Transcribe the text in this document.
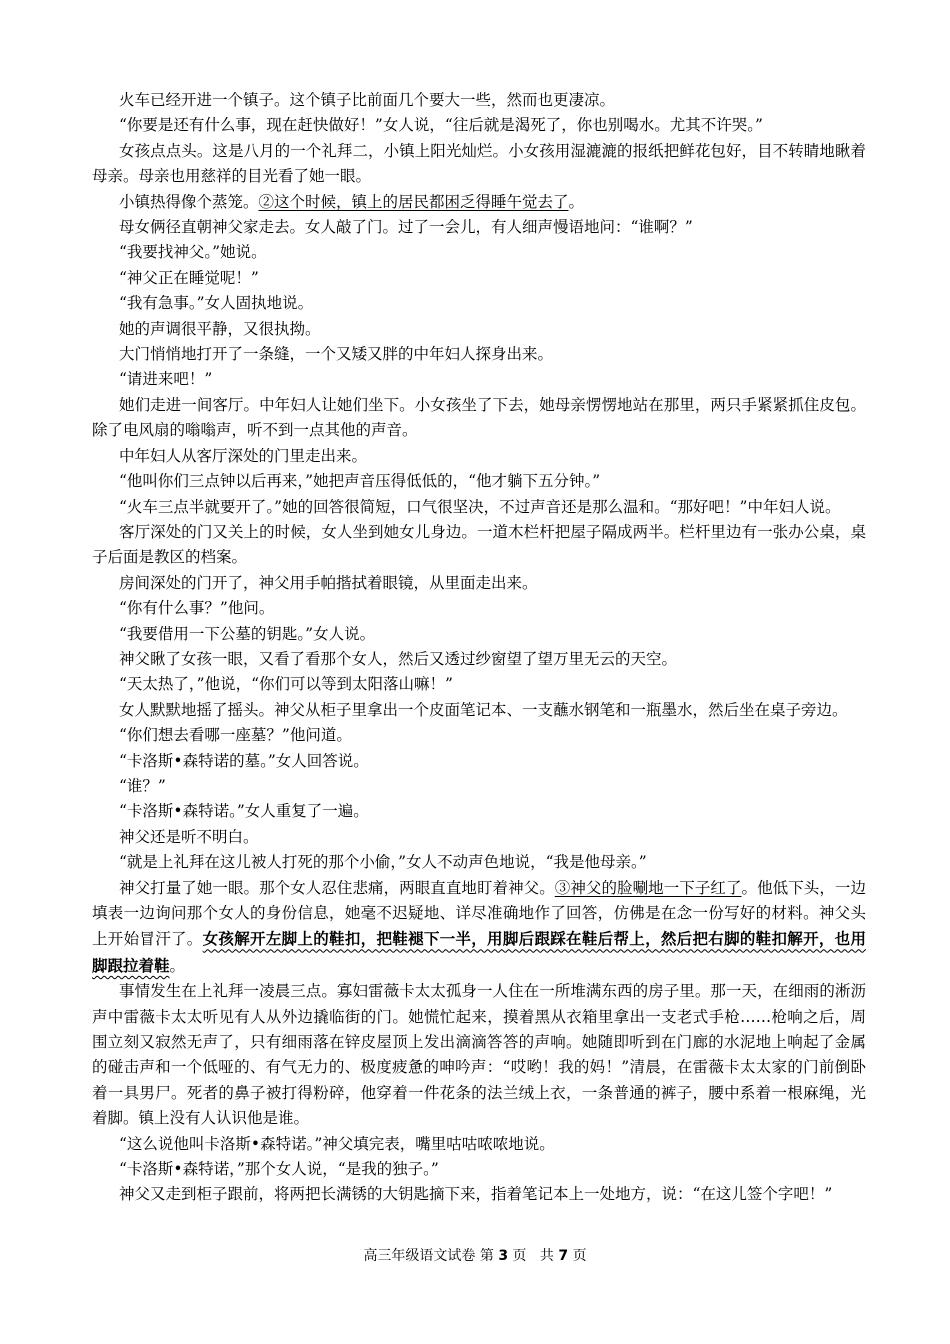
火车已经开进一个镇子。这个镇子比前面几个要大一些，然而也更凄凉。

“你要是还有什么事，现在赶快做好！”女人说，“往后就是渴死了，你也别喝水。尤其不许哭。”

女孩点点头。这是八月的一个礼拜二，小镇上阳光灿烂。小女孩用湿漉漉的报纸把鲜花包好，目不转睛地瞅着母亲。母亲也用慈祥的目光看了她一眼。

小镇热得像个蒸笼。②这个时候，镇上的居民都困乏得睡午觉去了。

母女俩径直朝神父家走去。女人敲了门。过了一会儿，有人细声慢语地问：“谁啊？”

“我要找神父。”她说。

“神父正在睡觉呢！”

“我有急事。”女人固执地说。

她的声调很平静，又很执拗。

大门悄悄地打开了一条缝，一个又矮又胖的中年妇人探身出来。

“请进来吧！”

她们走进一间客厅。中年妇人让她们坐下。小女孩坐了下去，她母亲愣愣地站在那里，两只手紧紧抓住皮包。除了电风扇的嗡嗡声，听不到一点其他的声音。

中年妇人从客厅深处的门里走出来。

“他叫你们三点钟以后再来，”她把声音压得低低的，“他才躺下五分钟。”

“火车三点半就要开了。”她的回答很简短，口气很坚决，不过声音还是那么温和。“那好吧！”中年妇人说。

客厅深处的门又关上的时候，女人坐到她女儿身边。一道木栏杆把屋子隔成两半。栏杆里边有一张办公桌，桌子后面是教区的档案。

房间深处的门开了，神父用手帕揩拭着眼镜，从里面走出来。

“你有什么事？”他问。

“我要借用一下公墓的钥匙。”女人说。

神父瞅了女孩一眼，又看了看那个女人，然后又透过纱窗望了望万里无云的天空。

“天太热了，”他说，“你们可以等到太阳落山嘛！”

女人默默地摇了摇头。神父从柜子里拿出一个皮面笔记本、一支蘸水钢笔和一瓶墨水，然后坐在桌子旁边。

“你们想去看哪一座墓？”他问道。

“卡洛斯•森特诺的墓。”女人回答说。

“谁？”

“卡洛斯•森特诺。”女人重复了一遍。

神父还是听不明白。

“就是上礼拜在这儿被人打死的那个小偷，”女人不动声色地说，“我是他母亲。”

神父打量了她一眼。那个女人忍住悲痛，两眼直直地盯着神父。③神父的脸唰地一下子红了。他低下头，一边填表一边询问那个女人的身份信息，她毫不迟疑地、详尽准确地作了回答，仿佛是在念一份写好的材料。神父头上开始冒汗了。女孩解开左脚上的鞋扣，把鞋褪下一半，用脚后跟踩在鞋后帮上，然后把右脚的鞋扣解开，也用脚跟拉着鞋。

事情发生在上礼拜一凌晨三点。寡妇雷薇卡太太孤身一人住在一所堆满东西的房子里。那一天，在细雨的淅沥声中雷薇卡太太听见有人从外边撬临街的门。她慌忙起来，摸着黑从衣箱里拿出一支老式手枪……枪响之后，周围立刻又寂然无声了，只有细雨落在锌皮屋顶上发出滴滴答答的声响。她随即听到在门廊的水泥地上响起了金属的碰击声和一个低哑的、有气无力的、极度疲惫的呻吟声：“哎哟！我的妈！”清晨，在雷薇卡太太家的门前倒卧着一具男尸。死者的鼻子被打得粉碎，他穿着一件花条的法兰绒上衣，一条普通的裤子，腰中系着一根麻绳，光着脚。镇上没有人认识他是谁。

“这么说他叫卡洛斯•森特诺。”神父填完表，嘴里咕咕哝哝地说。

“卡洛斯•森特诺，”那个女人说，“是我的独子。”

神父又走到柜子跟前，将两把长满锈的大钥匙摘下来，指着笔记本上一处地方，说：“在这儿签个字吧！”

高三年级语文试卷 第 3 页 共 7 页
